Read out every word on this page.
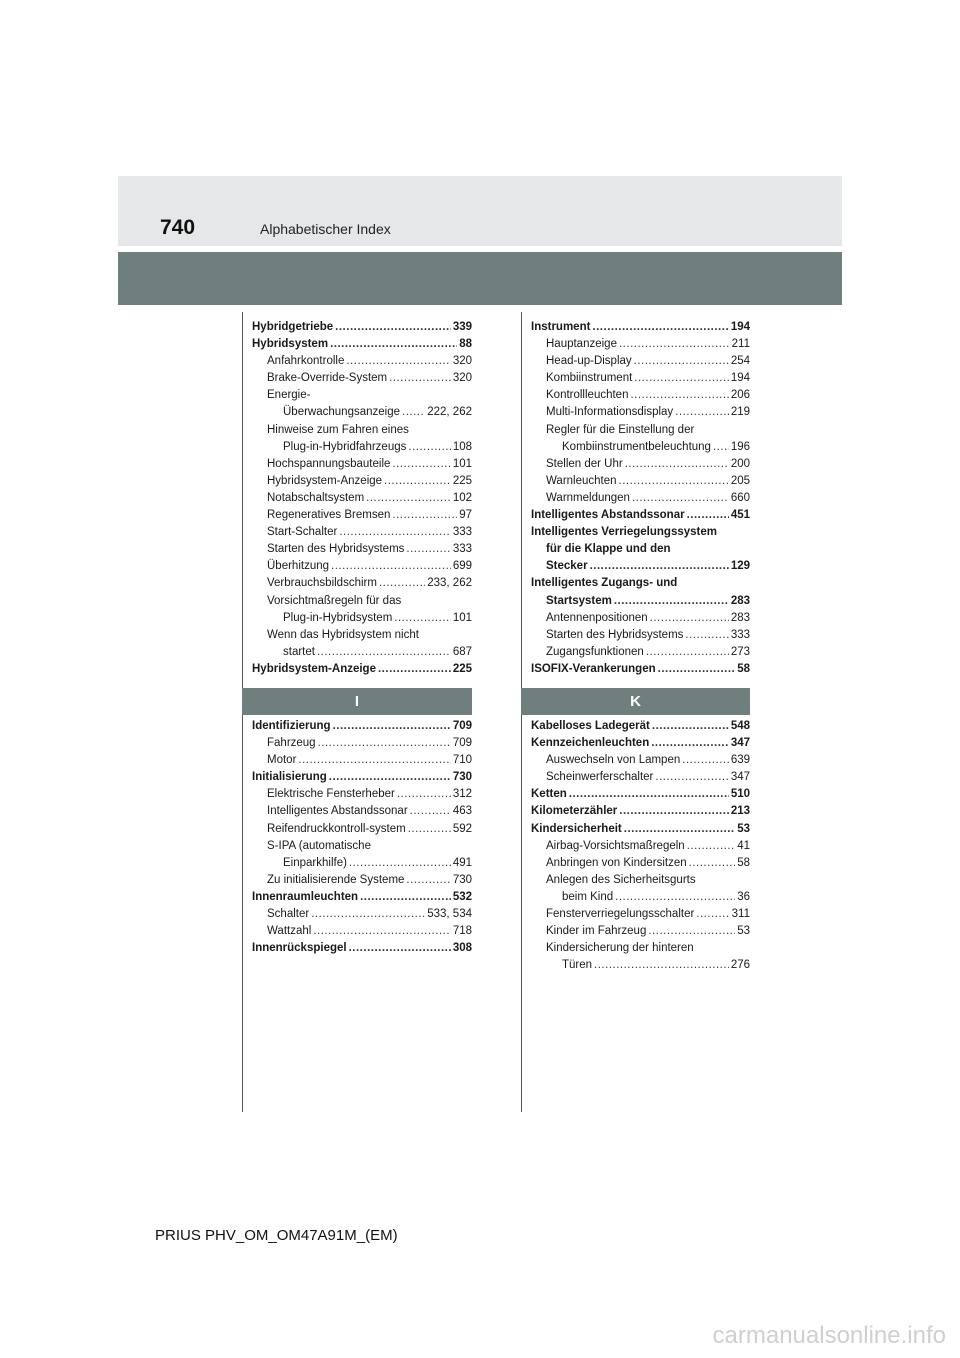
740	Alphabetischer Index
Hybridgetriebe .....	339
Hybridsystem .....	88
Anfahrkontrolle .....	320
Brake-Override-System .....	320
Energie-
Überwachungsanzeige ..... 222, 262
Hinweise zum Fahren eines
Plug-in-Hybridfahrzeugs .....	108
Hochspannungsbauteile .....	101
Hybridsystem-Anzeige .....	225
Notabschaltsystem .....	102
Regeneratives Bremsen .....	97
Start-Schalter .....	333
Starten des Hybridsystems .....	333
Überhitzung .....	699
Verbrauchsbildschirm .....	233, 262
Vorsichtmaßregeln für das
Plug-in-Hybridsystem .....	101
Wenn das Hybridsystem nicht
startet .....	687
Hybridsystem-Anzeige .....	225
I
Identifizierung .....	709
Fahrzeug .....	709
Motor .....	710
Initialisierung .....	730
Elektrische Fensterheber .....	312
Intelligentes Abstandssonar .....	463
Reifendruckkontroll-system .....	592
S-IPA (automatische
Einparkhilfe) .....	491
Zu initialisierende Systeme .....	730
Innenraumleuchten .....	532
Schalter .....	533, 534
Wattzahl .....	718
Innenrückspiegel .....	308
Instrument .....	194
Hauptanzeige .....	211
Head-up-Display .....	254
Kombiinstrument .....	194
Kontrollleuchten .....	206
Multi-Informationsdisplay .....	219
Regler für die Einstellung der
Kombiinstrumentbeleuchtung ..... 196
Stellen der Uhr .....	200
Warnleuchten .....	205
Warnmeldungen .....	660
Intelligentes Abstandssonar .....	451
Intelligentes Verriegelungssystem
für die Klappe und den
Stecker .....	129
Intelligentes Zugangs- und
Startsystem .....	283
Antennenpositionen .....	283
Starten des Hybridsystems .....	333
Zugangsfunktionen .....	273
ISOFIX-Verankerungen .....	58
K
Kabelloses Ladegerät .....	548
Kennzeichenleuchten .....	347
Auswechseln von Lampen .....	639
Scheinwerferschalter .....	347
Ketten .....	510
Kilometerzähler .....	213
Kindersicherheit .....	53
Airbag-Vorsichtsmaßregeln .....	41
Anbringen von Kindersitzen .....	58
Anlegen des Sicherheitsgurts
beim Kind .....	36
Fensterverriegelungsschalter .....	311
Kinder im Fahrzeug .....	53
Kindersicherung der hinteren
Türen .....	276
PRIUS PHV_OM_OM47A91M_(EM)
carmanualsonline.info
